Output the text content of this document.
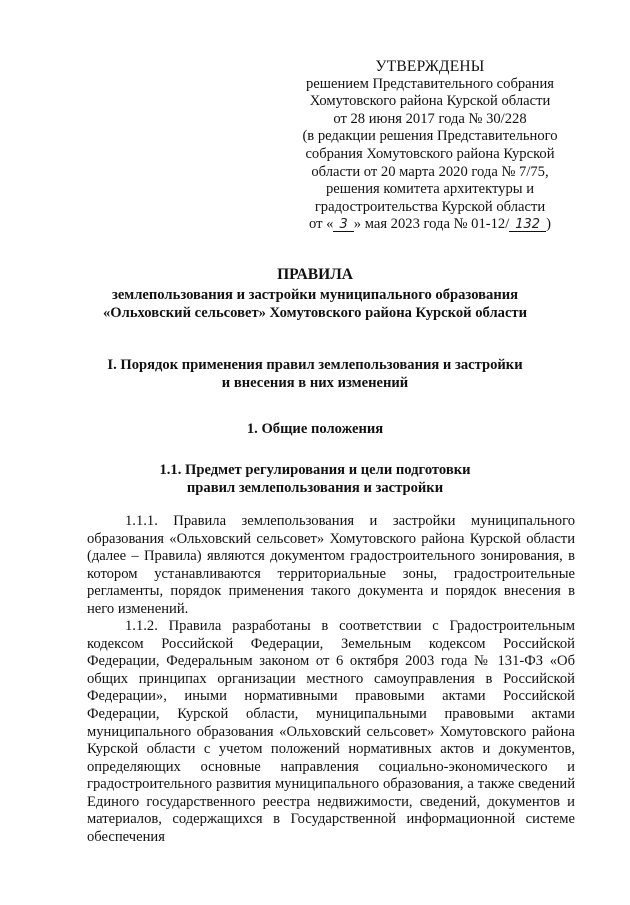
УТВЕРЖДЕНЫ
решением Представительного собрания
Хомутовского района Курской области
от 28 июня 2017 года № 30/228
(в редакции решения Представительного
собрания Хомутовского района Курской
области от 20 марта 2020 года № 7/75,
решения комитета архитектуры и
градостроительства Курской области
от « 3 » мая 2023 года № 01-12/ 132 )
ПРАВИЛА
землепользования и застройки муниципального образования
«Ольховский сельсовет» Хомутовского района Курской области
I. Порядок применения правил землепользования и застройки
и внесения в них изменений
1. Общие положения
1.1. Предмет регулирования и цели подготовки
правил землепользования и застройки

1.1.1. Правила землепользования и застройки муниципального образования «Ольховский сельсовет» Хомутовского района Курской области (далее – Правила) являются документом градостроительного зонирования, в котором устанавливаются территориальные зоны, градостроительные регламенты, порядок применения такого документа и порядок внесения в него изменений.

1.1.2. Правила разработаны в соответствии с Градостроительным кодексом Российской Федерации, Земельным кодексом Российской Федерации, Федеральным законом от 6 октября 2003 года № 131-ФЗ «Об общих принципах организации местного самоуправления в Российской Федерации», иными нормативными правовыми актами Российской Федерации, Курской области, муниципальными правовыми актами муниципального образования «Ольховский сельсовет» Хомутовского района Курской области с учетом положений нормативных актов и документов, определяющих основные направления социально-экономического и градостроительного развития муниципального образования, а также сведений Единого государственного реестра недвижимости, сведений, документов и материалов, содержащихся в Государственной информационной системе обеспечения
